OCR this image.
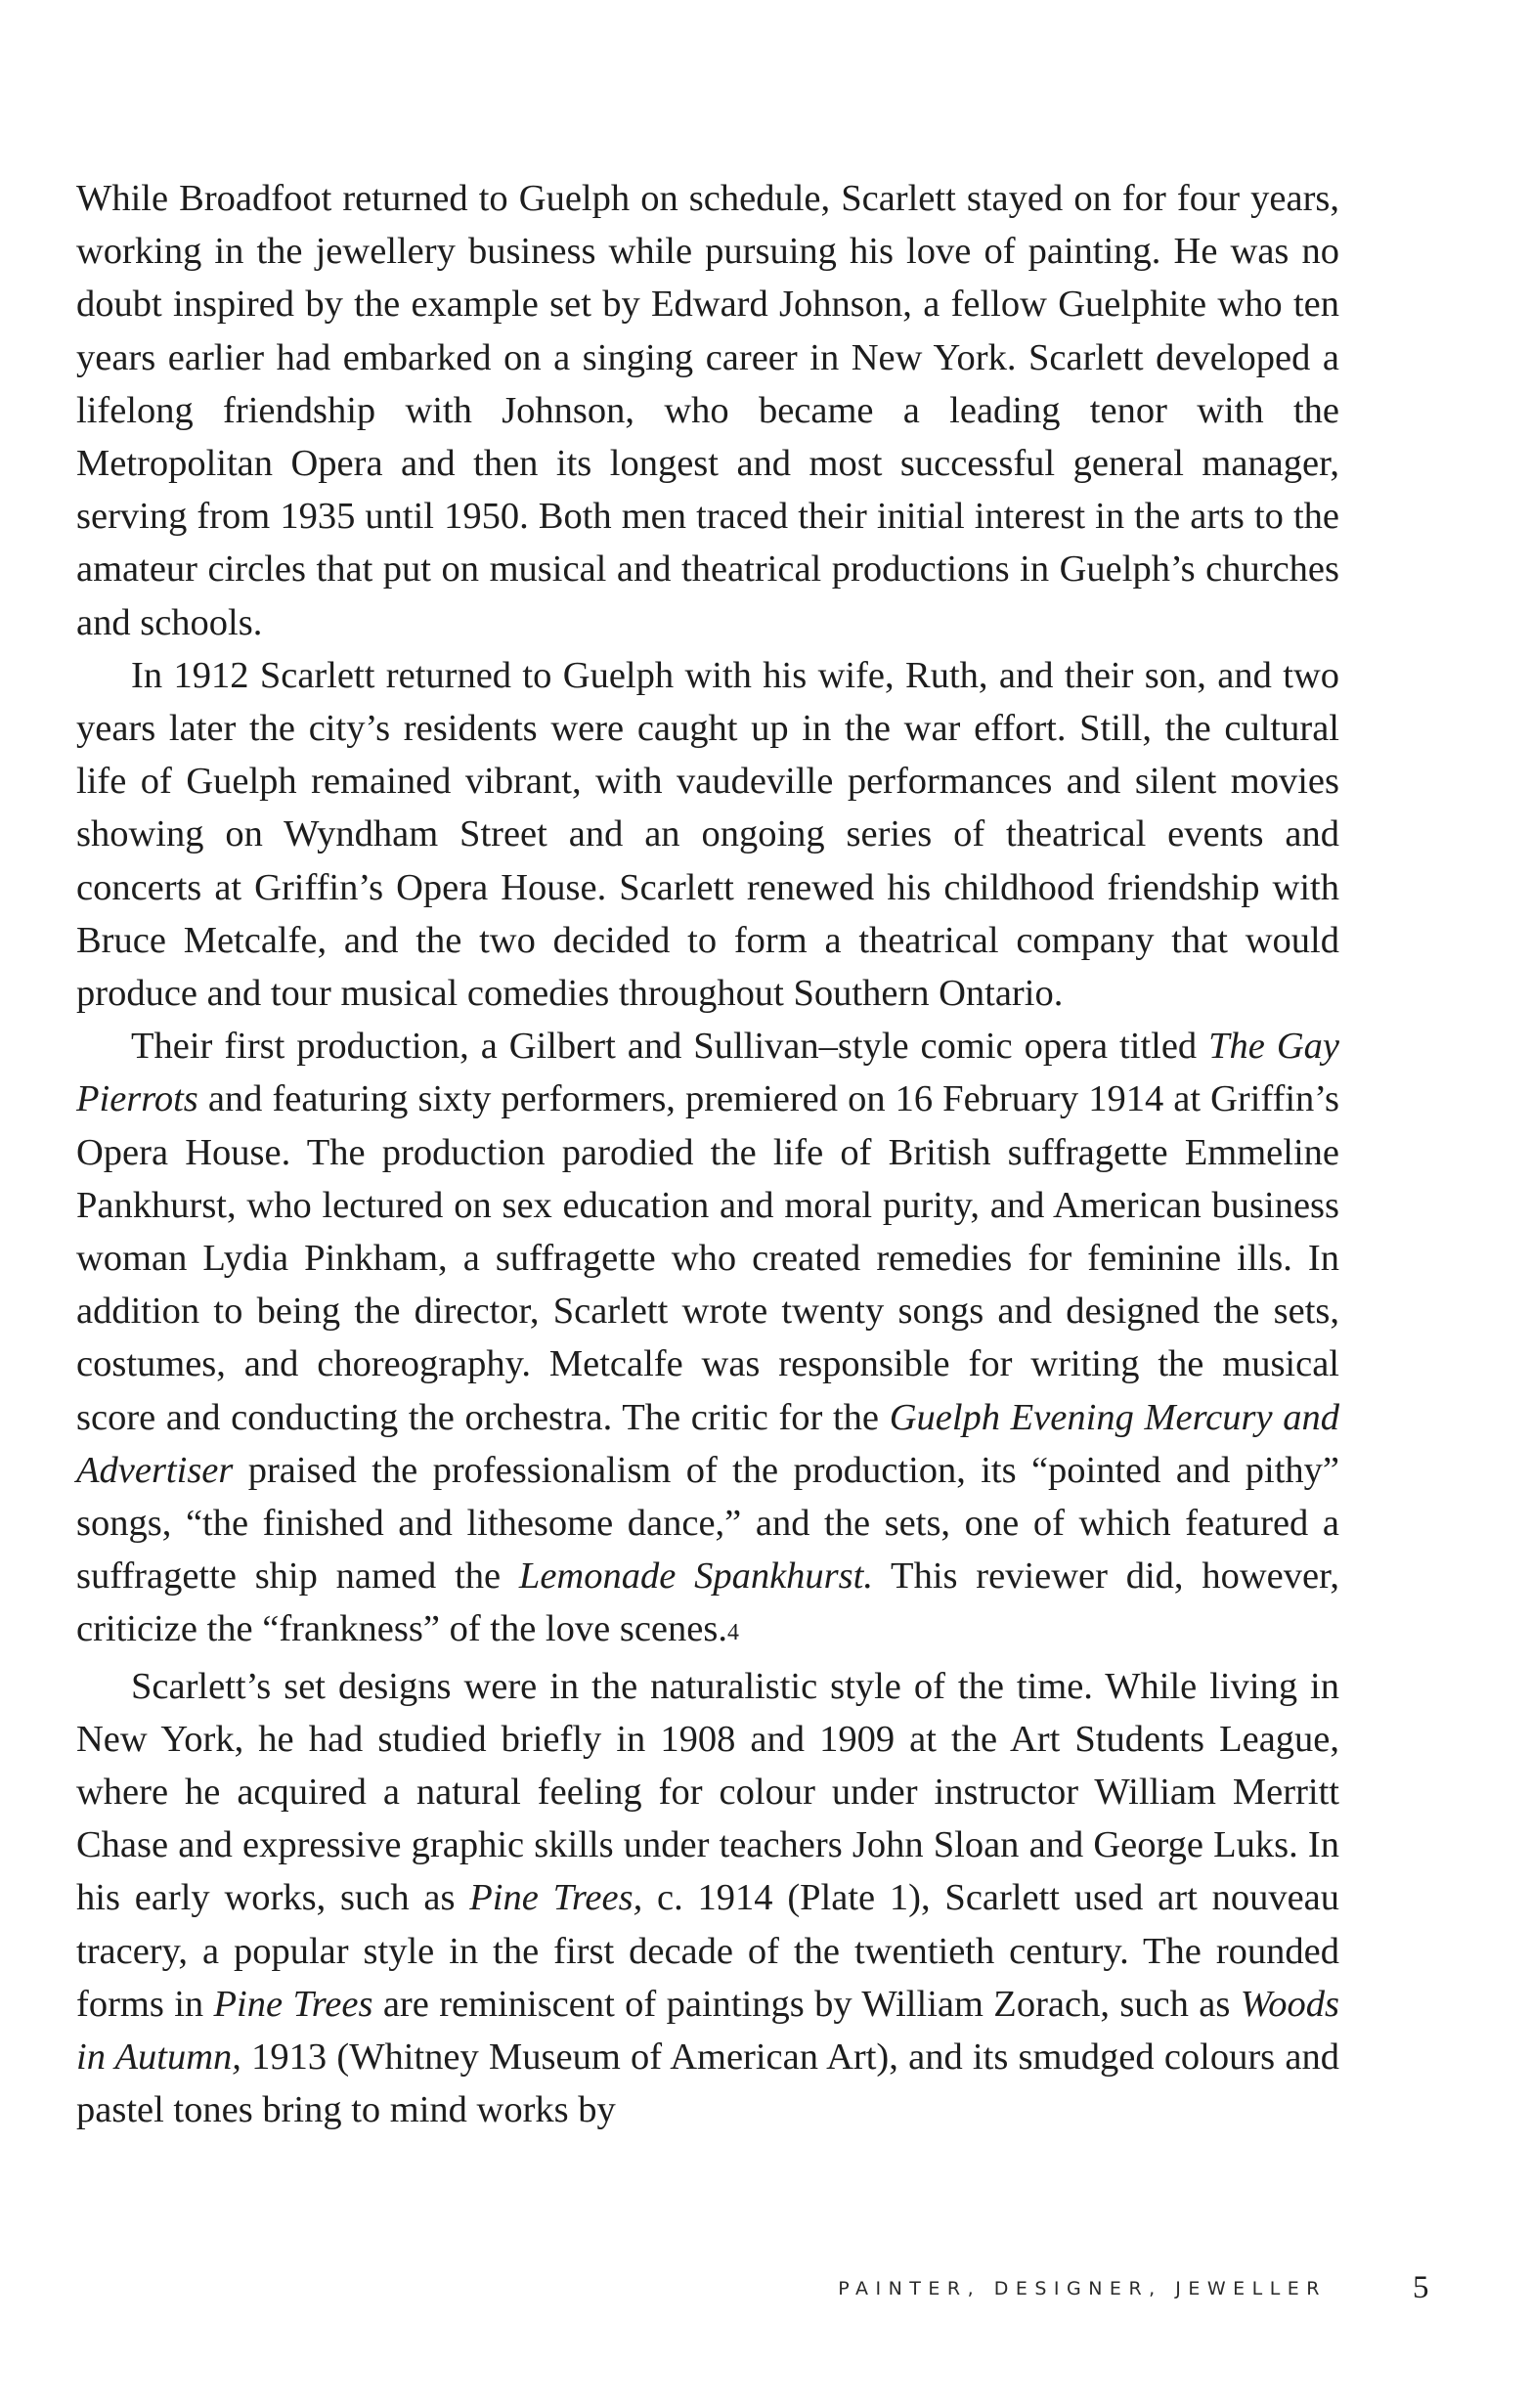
While Broadfoot returned to Guelph on schedule, Scarlett stayed on for four years, working in the jewellery business while pursuing his love of painting. He was no doubt inspired by the example set by Edward Johnson, a fellow Guelphite who ten years earlier had embarked on a singing career in New York. Scarlett developed a lifelong friendship with Johnson, who became a leading tenor with the Metropolitan Opera and then its longest and most successful general manager, serving from 1935 until 1950. Both men traced their initial interest in the arts to the amateur circles that put on musical and theatrical productions in Guelph’s churches and schools.

In 1912 Scarlett returned to Guelph with his wife, Ruth, and their son, and two years later the city’s residents were caught up in the war effort. Still, the cultural life of Guelph remained vibrant, with vaudeville performances and silent movies showing on Wyndham Street and an ongoing series of theatrical events and concerts at Griffin’s Opera House. Scarlett renewed his childhood friendship with Bruce Metcalfe, and the two decided to form a theatrical company that would produce and tour musical comedies throughout Southern Ontario.

Their first production, a Gilbert and Sullivan–style comic opera titled The Gay Pierrots and featuring sixty performers, premiered on 16 February 1914 at Griffin’s Opera House. The production parodied the life of British suffragette Emmeline Pankhurst, who lectured on sex education and moral purity, and American business woman Lydia Pinkham, a suffragette who created remedies for feminine ills. In addition to being the director, Scarlett wrote twenty songs and designed the sets, costumes, and choreography. Metcalfe was responsible for writing the musical score and conducting the orchestra. The critic for the Guelph Evening Mercury and Advertiser praised the professionalism of the production, its “pointed and pithy” songs, “the finished and lithesome dance,” and the sets, one of which featured a suffragette ship named the Lemonade Spankhurst. This reviewer did, however, criticize the “frankness” of the love scenes.4

Scarlett’s set designs were in the naturalistic style of the time. While living in New York, he had studied briefly in 1908 and 1909 at the Art Students League, where he acquired a natural feeling for colour under instructor William Merritt Chase and expressive graphic skills under teachers John Sloan and George Luks. In his early works, such as Pine Trees, c. 1914 (Plate 1), Scarlett used art nouveau tracery, a popular style in the first decade of the twentieth century. The rounded forms in Pine Trees are reminiscent of paintings by William Zorach, such as Woods in Autumn, 1913 (Whitney Museum of American Art), and its smudged colours and pastel tones bring to mind works by

PAINTER, DESIGNER, JEWELLER	5
